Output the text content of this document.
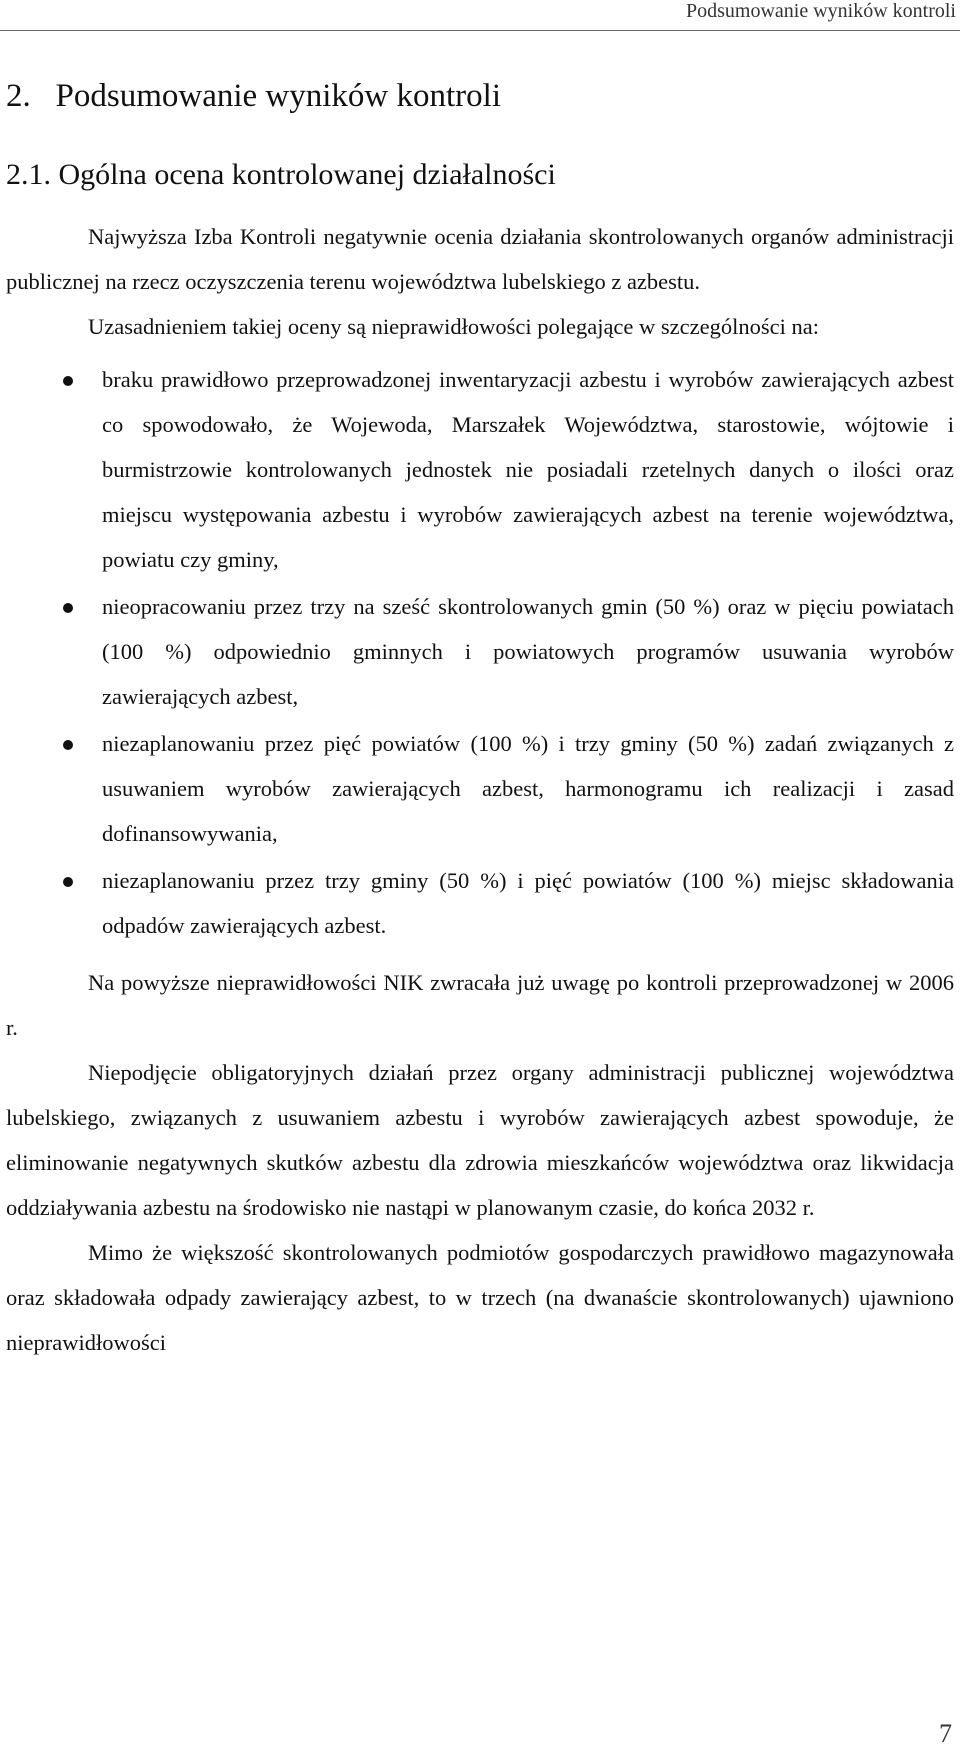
Podsumowanie wyników kontroli
2. Podsumowanie wyników kontroli
2.1. Ogólna ocena kontrolowanej działalności

Najwyższa Izba Kontroli negatywnie ocenia działania skontrolowanych organów administracji publicznej na rzecz oczyszczenia terenu województwa lubelskiego z azbestu.

Uzasadnieniem takiej oceny są nieprawidłowości polegające w szczególności na:

braku prawidłowo przeprowadzonej inwentaryzacji azbestu i wyrobów zawierających azbest co spowodowało, że Wojewoda, Marszałek Województwa, starostowie, wójtowie i burmistrzowie kontrolowanych jednostek nie posiadali rzetelnych danych o ilości oraz miejscu występowania azbestu i wyrobów zawierających azbest na terenie województwa, powiatu czy gminy,
nieopracowaniu przez trzy na sześć skontrolowanych gmin (50 %) oraz w pięciu powiatach (100 %) odpowiednio gminnych i powiatowych programów usuwania wyrobów zawierających azbest,
niezaplanowaniu przez pięć powiatów (100 %) i trzy gminy (50 %) zadań związanych z usuwaniem wyrobów zawierających azbest, harmonogramu ich realizacji i zasad dofinansowywania,
niezaplanowaniu przez trzy gminy (50 %) i pięć powiatów (100 %) miejsc składowania odpadów zawierających azbest.

Na powyższe nieprawidłowości NIK zwracała już uwagę po kontroli przeprowadzonej w 2006 r.

Niepodjęcie obligatoryjnych działań przez organy administracji publicznej województwa lubelskiego, związanych z usuwaniem azbestu i wyrobów zawierających azbest spowoduje, że eliminowanie negatywnych skutków azbestu dla zdrowia mieszkańców województwa oraz likwidacja oddziaływania azbestu na środowisko nie nastąpi w planowanym czasie, do końca 2032 r.

Mimo że większość skontrolowanych podmiotów gospodarczych prawidłowo magazynowała oraz składowała odpady zawierający azbest, to w trzech (na dwanaście skontrolowanych) ujawniono nieprawidłowości

7
